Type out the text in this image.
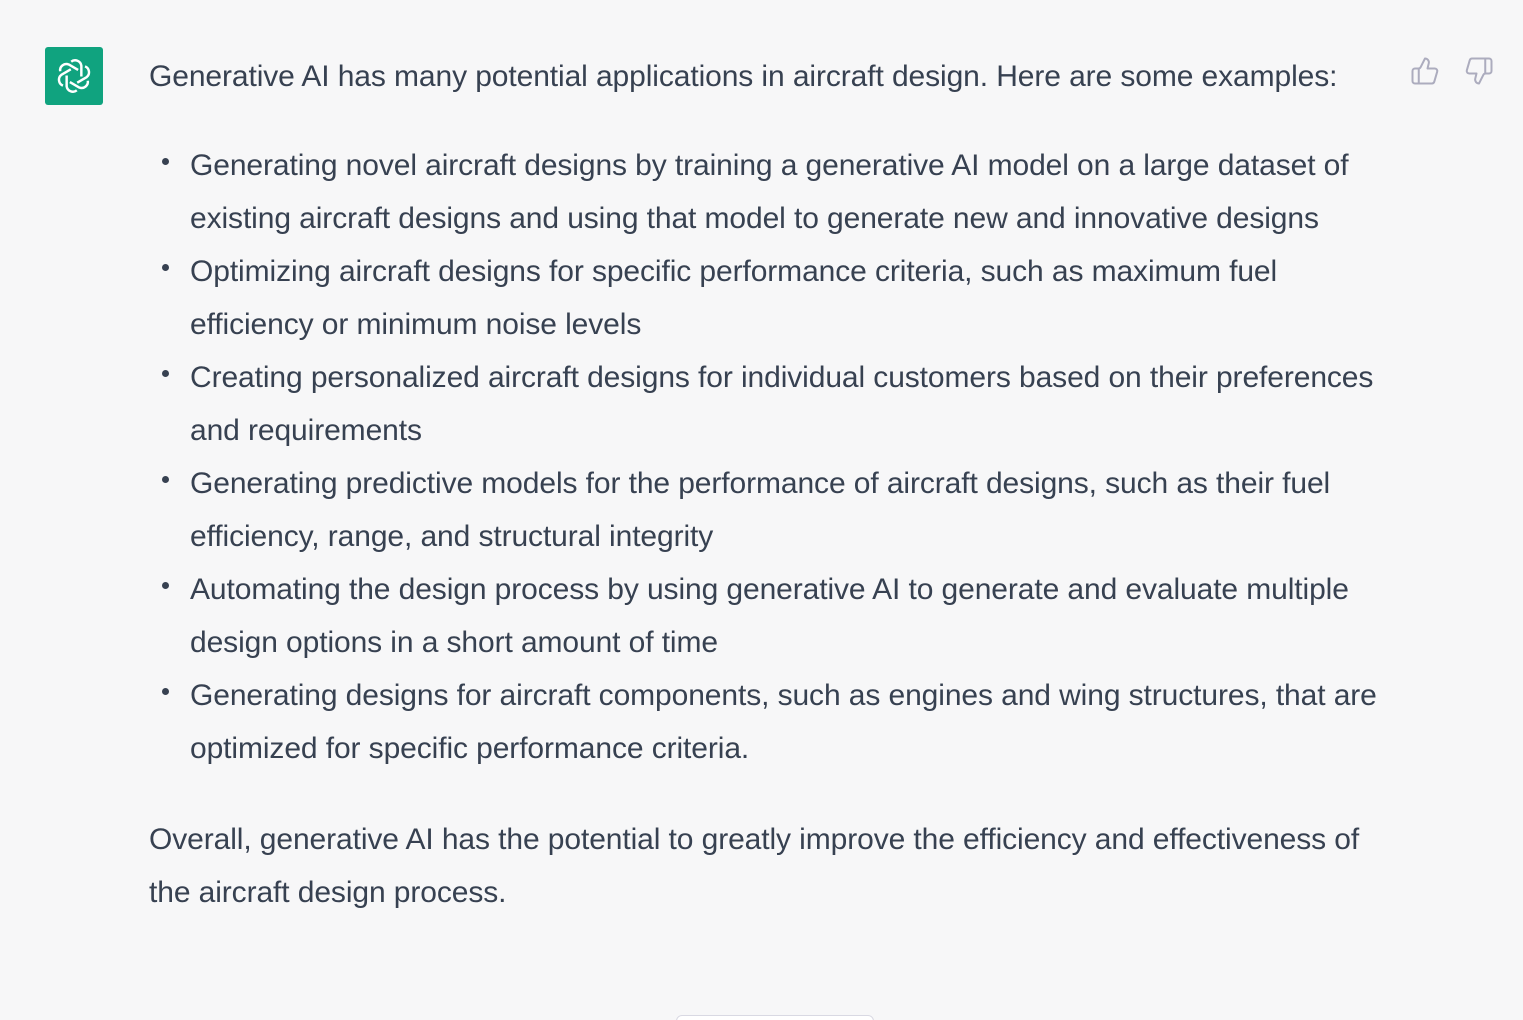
Generative AI has many potential applications in aircraft design. Here are some examples:

Generating novel aircraft designs by training a generative AI model on a large dataset of existing aircraft designs and using that model to generate new and innovative designs
Optimizing aircraft designs for specific performance criteria, such as maximum fuel efficiency or minimum noise levels
Creating personalized aircraft designs for individual customers based on their preferences and requirements
Generating predictive models for the performance of aircraft designs, such as their fuel efficiency, range, and structural integrity
Automating the design process by using generative AI to generate and evaluate multiple design options in a short amount of time
Generating designs for aircraft components, such as engines and wing structures, that are optimized for specific performance criteria.

Overall, generative AI has the potential to greatly improve the efficiency and effectiveness of the aircraft design process.
